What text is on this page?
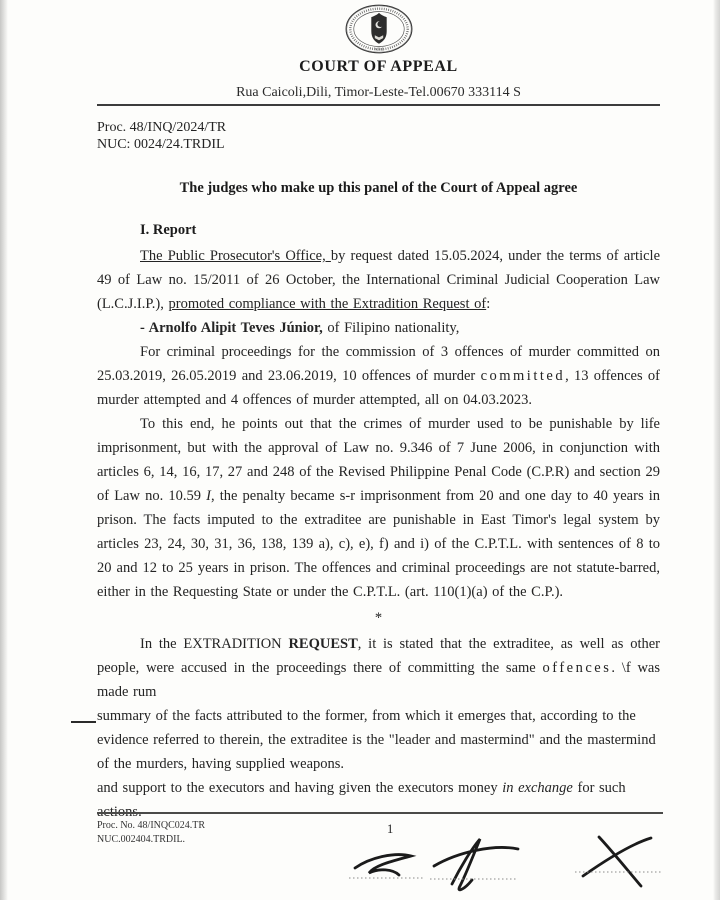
W.B.L
COURT OF APPEAL
Rua Caicoli,Dili, Timor-Leste-Tel.00670 333114 S
Proc. 48/INQ/2024/TR
NUC: 0024/24.TRDIL
The judges who make up this panel of the Court of Appeal agree
I. Report

The Public Prosecutor's Office, by request dated 15.05.2024, under the terms of article 49 of Law no. 15/2011 of 26 October, the International Criminal Judicial Cooperation Law (L.C.J.I.P.), promoted compliance with the Extradition Request of:

- Arnolfo Alipit Teves Júnior, of Filipino nationality,

For criminal proceedings for the commission of 3 offences of murder committed on 25.03.2019, 26.05.2019 and 23.06.2019, 10 offences of murder committed, 13 offences of murder attempted and 4 offences of murder attempted, all on 04.03.2023.

To this end, he points out that the crimes of murder used to be punishable by life imprisonment, but with the approval of Law no. 9.346 of 7 June 2006, in conjunction with articles 6, 14, 16, 17, 27 and 248 of the Revised Philippine Penal Code (C.P.R) and section 29 of Law no. 10.59 I, the penalty became s-r imprisonment from 20 and one day to 40 years in prison. The facts imputed to the extraditee are punishable in East Timor's legal system by articles 23, 24, 30, 31, 36, 138, 139 a), c), e), f) and i) of the C.P.T.L. with sentences of 8 to 20 and 12 to 25 years in prison. The offences and criminal proceedings are not statute-barred, either in the Requesting State or under the C.P.T.L. (art. 110(1)(a) of the C.P.).

*

In the EXTRADITION REQUEST, it is stated that the extraditee, as well as other people, were accused in the proceedings there of committing the same offences. \f was made rum

summary of the facts attributed to the former, from which it emerges that, according to the evidence referred to therein, the extraditee is the "leader and mastermind" and the mastermind of the murders, having supplied weapons.

and support to the executors and having given the executors money in exchange for such actions.

Proc. No. 48/INQC024.TR
NUC.002404.TRDIL.
1
